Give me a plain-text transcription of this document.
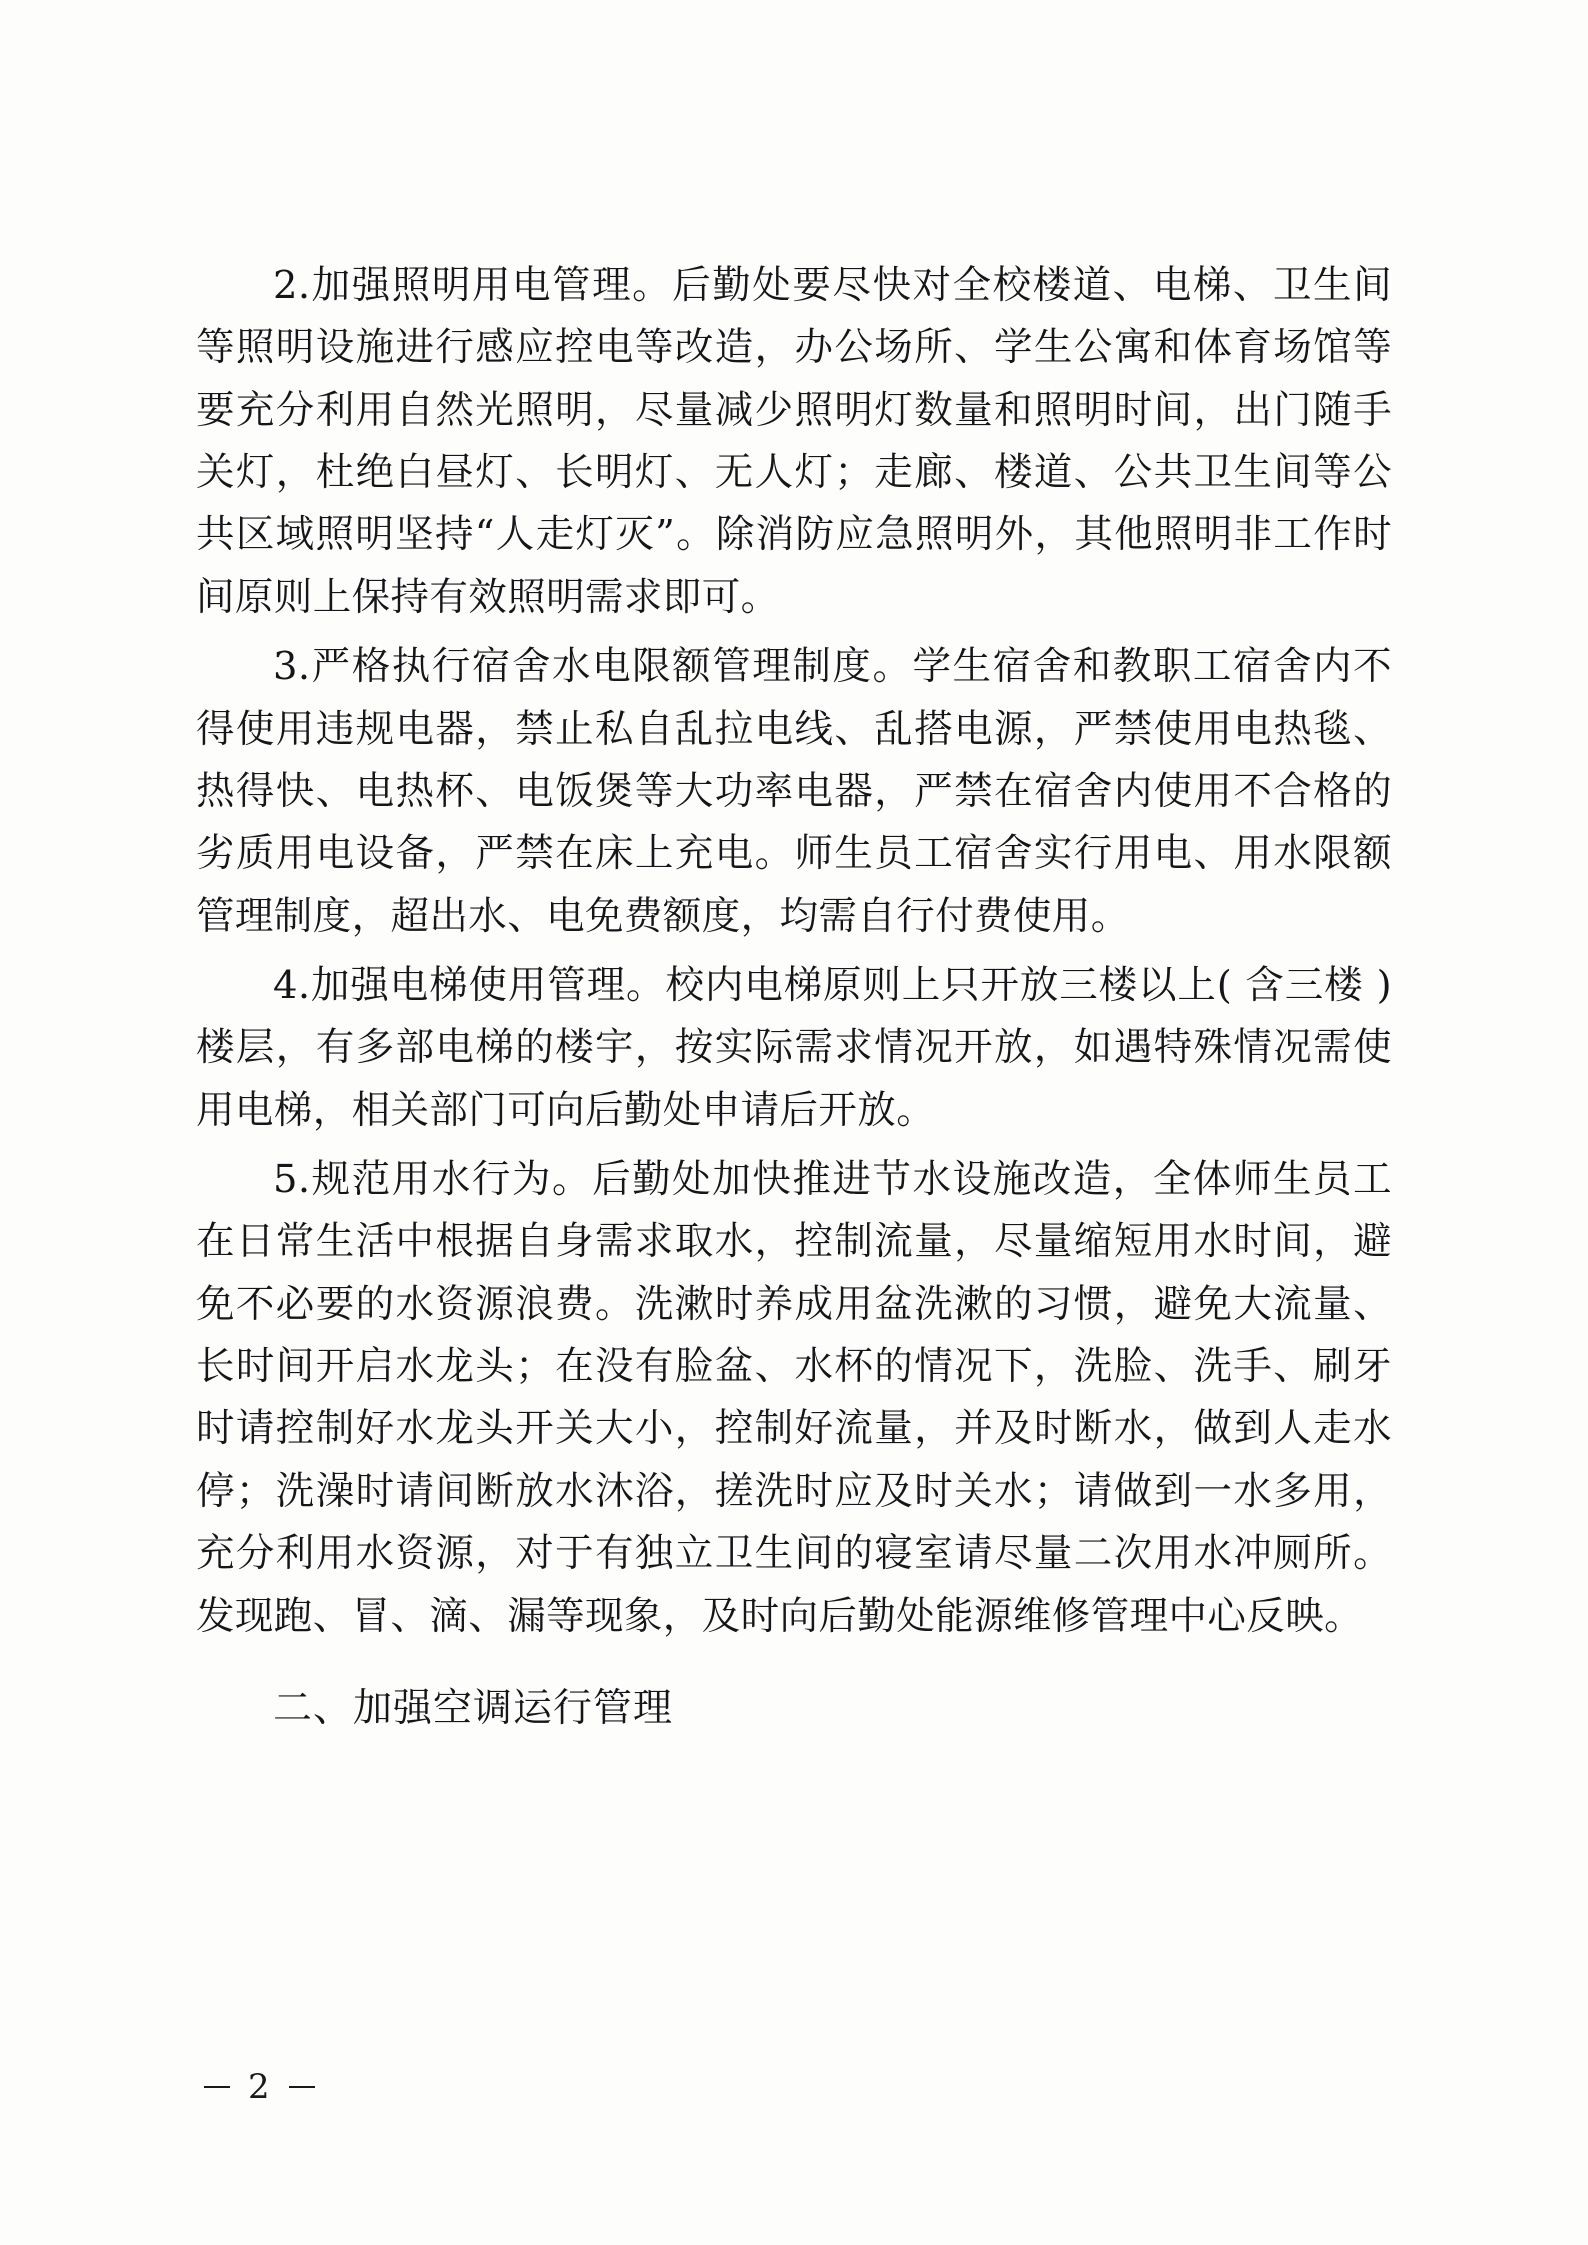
2.加强照明用电管理。后勤处要尽快对全校楼道、电梯、卫生间等照明设施进行感应控电等改造，办公场所、学生公寓和体育场馆等要充分利用自然光照明，尽量减少照明灯数量和照明时间，出门随手关灯，杜绝白昼灯、长明灯、无人灯；走廊、楼道、公共卫生间等公共区域照明坚持“人走灯灭”。除消防应急照明外，其他照明非工作时间原则上保持有效照明需求即可。

3.严格执行宿舍水电限额管理制度。学生宿舍和教职工宿舍内不得使用违规电器，禁止私自乱拉电线、乱搭电源，严禁使用电热毯、热得快、电热杯、电饭煲等大功率电器，严禁在宿舍内使用不合格的劣质用电设备，严禁在床上充电。师生员工宿舍实行用电、用水限额管理制度，超出水、电免费额度，均需自行付费使用。

4.加强电梯使用管理。校内电梯原则上只开放三楼以上( 含三楼 )楼层，有多部电梯的楼宇，按实际需求情况开放，如遇特殊情况需使用电梯，相关部门可向后勤处申请后开放。

5.规范用水行为。后勤处加快推进节水设施改造，全体师生员工在日常生活中根据自身需求取水，控制流量，尽量缩短用水时间，避免不必要的水资源浪费。洗漱时养成用盆洗漱的习惯，避免大流量、长时间开启水龙头；在没有脸盆、水杯的情况下，洗脸、洗手、刷牙时请控制好水龙头开关大小，控制好流量，并及时断水，做到人走水停；洗澡时请间断放水沐浴，搓洗时应及时关水；请做到一水多用，充分利用水资源，对于有独立卫生间的寝室请尽量二次用水冲厕所。发现跑、冒、滴、漏等现象，及时向后勤处能源维修管理中心反映。

二、加强空调运行管理

2
